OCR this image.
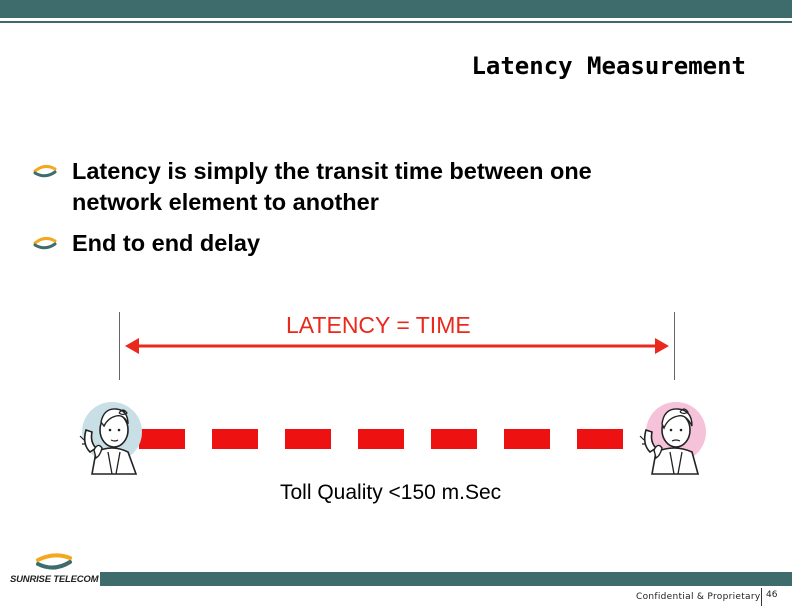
Latency Measurement
Latency is simply the transit time between one
network element to another
End to end delay
LATENCY = TIME
Toll Quality <150 m.Sec
SUNRISE TELECOM
Confidential & Proprietary 46
